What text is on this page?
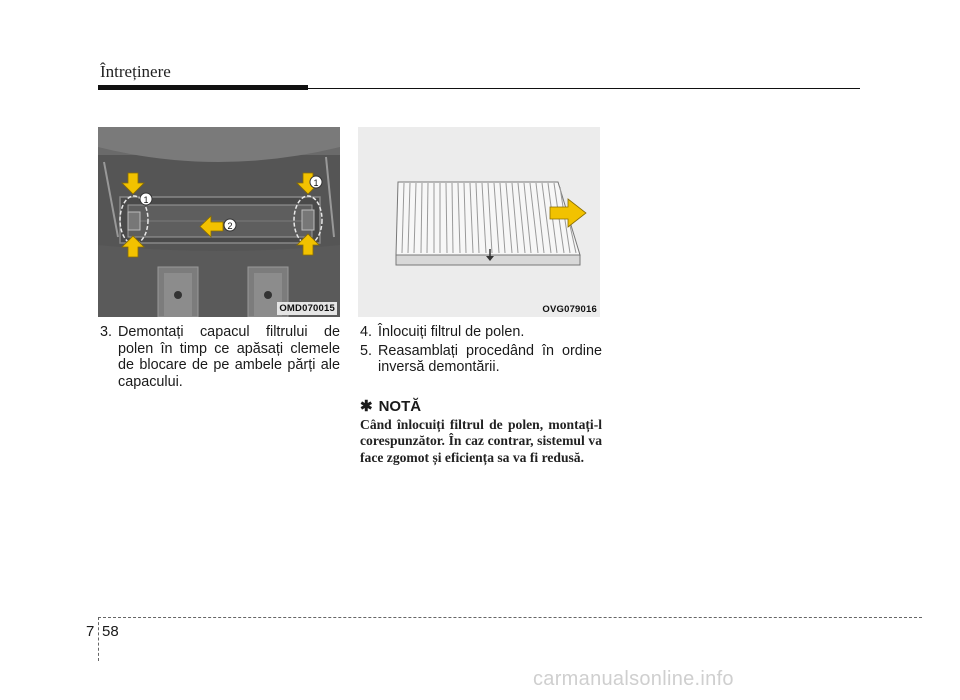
Întreținere
1
2
1
OMD070015	OVG079016
3. Demontați capacul filtrului de polen în timp ce apăsați clemele de blocare de pe ambele părți ale capacului.
4. Înlocuiți filtrul de polen.
5. Reasamblați procedând în ordine inversă demontării.
✱ NOTĂ
Când înlocuiți filtrul de polen, montați-l corespunzător. În caz contrar, sistemul va face zgomot și eficiența sa va fi redusă.
7 58
carmanualsonline.info
